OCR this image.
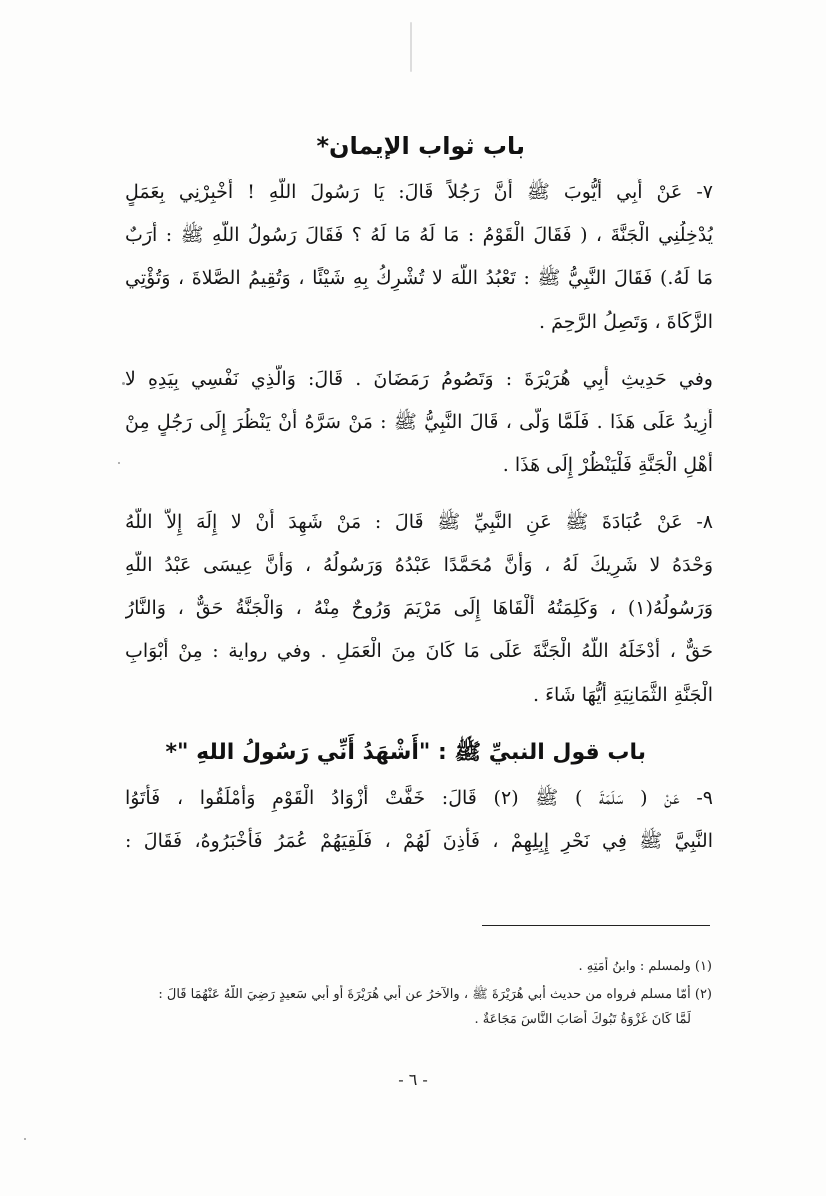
باب ثواب الإيمان*
٧- عَنْ أَبِي أَيُّوبَ ﷺ أَنَّ رَجُلاً قَالَ: يَا رَسُولَ اللَّهِ ! أَخْبِرْنِي بِعَمَلٍ
يُدْخِلُنِي الْجَنَّةَ ، ( فَقَالَ الْقَوْمُ : مَا لَهُ مَا لَهُ ؟ فَقَالَ رَسُولُ اللَّهِ ﷺ : أَرَبٌ
مَا لَهُ.) فَقَالَ النَّبِيُّ ﷺ : تَعْبُدُ اللَّهَ لا تُشْرِكُ بِهِ شَيْئًا ، وَتُقِيمُ الصَّلاةَ ، وَتُؤْتِي
الزَّكَاةَ ، وَتَصِلُ الرَّحِمَ .
وفي حَدِيثِ أَبِي هُرَيْرَةَ : وَتَصُومُ رَمَضَانَ . قَالَ: وَالَّذِي نَفْسِي بِيَدِهِ لا
أَزِيدُ عَلَى هَذَا . فَلَمَّا وَلَّى ، قَالَ النَّبِيُّ ﷺ : مَنْ سَرَّهُ أَنْ يَنْظُرَ إِلَى رَجُلٍ مِنْ
أَهْلِ الْجَنَّةِ فَلْيَنْظُرْ إِلَى هَذَا .
٨- عَنْ عُبَادَةَ ﷺ عَنِ النَّبِيِّ ﷺ قَالَ : مَنْ شَهِدَ أَنْ لا إِلَهَ إِلاَّ اللَّهُ
وَحْدَهُ لا شَرِيكَ لَهُ ، وَأَنَّ مُحَمَّدًا عَبْدُهُ وَرَسُولُهُ ، وَأَنَّ عِيسَى عَبْدُ اللَّهِ
وَرَسُولُهُ(١) ، وَكَلِمَتُهُ أَلْقَاهَا إِلَى مَرْيَمَ وَرُوحٌ مِنْهُ ، وَالْجَنَّةُ حَقٌّ ، وَالنَّارُ
حَقٌّ ، أَدْخَلَهُ اللَّهُ الْجَنَّةَ عَلَى مَا كَانَ مِنَ الْعَمَلِ . وفي رواية : مِنْ أَبْوَابِ
الْجَنَّةِ الثَّمَانِيَةِ أَيُّهَا شَاءَ .
باب قول النبيِّ ﷺ : "أَشْهَدُ أَنِّي رَسُولُ اللهِ "*
٩- عَنْ ( سَلَمَةَ ) ﷺ (٢) قَالَ: خَفَّتْ أَزْوَادُ الْقَوْمِ وَأَمْلَقُوا ، فَأَتَوُا
النَّبِيَّ ﷺ فِي نَحْرِ إِبِلِهِمْ ، فَأَذِنَ لَهُمْ ، فَلَقِيَهُمْ عُمَرُ فَأَخْبَرُوهُ، فَقَالَ :
(١) ولمسلم : وابنُ أَمَتِهِ .
(٢) أمّا مسلم فرواه من حديث أَبي هُرَيْرَةَ ﷺ ، والآخرُ عن أَبي هُرَيْرَةَ أو أبي سَعيدٍ رَضِيَ اللَّهُ عَنْهُمَا قَالَ :
لَمَّا كَانَ غَزْوَةُ تَبُوكَ أَصَابَ النَّاسَ مَجَاعَةٌ .
- ٦ -
